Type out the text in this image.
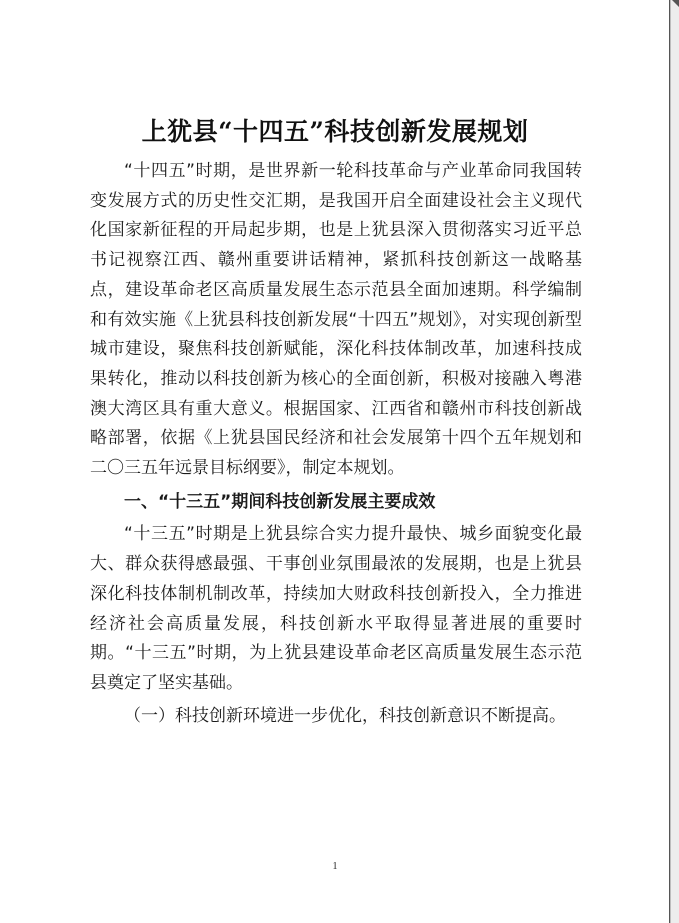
上犹县“十四五”科技创新发展规划

“十四五”时期，是世界新一轮科技革命与产业革命同我国转变发展方式的历史性交汇期，是我国开启全面建设社会主义现代化国家新征程的开局起步期，也是上犹县深入贯彻落实习近平总书记视察江西、赣州重要讲话精神，紧抓科技创新这一战略基点，建设革命老区高质量发展生态示范县全面加速期。科学编制和有效实施《上犹县科技创新发展“十四五”规划》，对实现创新型城市建设，聚焦科技创新赋能，深化科技体制改革，加速科技成果转化，推动以科技创新为核心的全面创新，积极对接融入粤港澳大湾区具有重大意义。根据国家、江西省和赣州市科技创新战略部署，依据《上犹县国民经济和社会发展第十四个五年规划和二〇三五年远景目标纲要》，制定本规划。

一、“十三五”期间科技创新发展主要成效

“十三五”时期是上犹县综合实力提升最快、城乡面貌变化最大、群众获得感最强、干事创业氛围最浓的发展期，也是上犹县深化科技体制机制改革，持续加大财政科技创新投入，全力推进经济社会高质量发展，科技创新水平取得显著进展的重要时期。“十三五”时期，为上犹县建设革命老区高质量发展生态示范县奠定了坚实基础。

（一）科技创新环境进一步优化，科技创新意识不断提高。

1
